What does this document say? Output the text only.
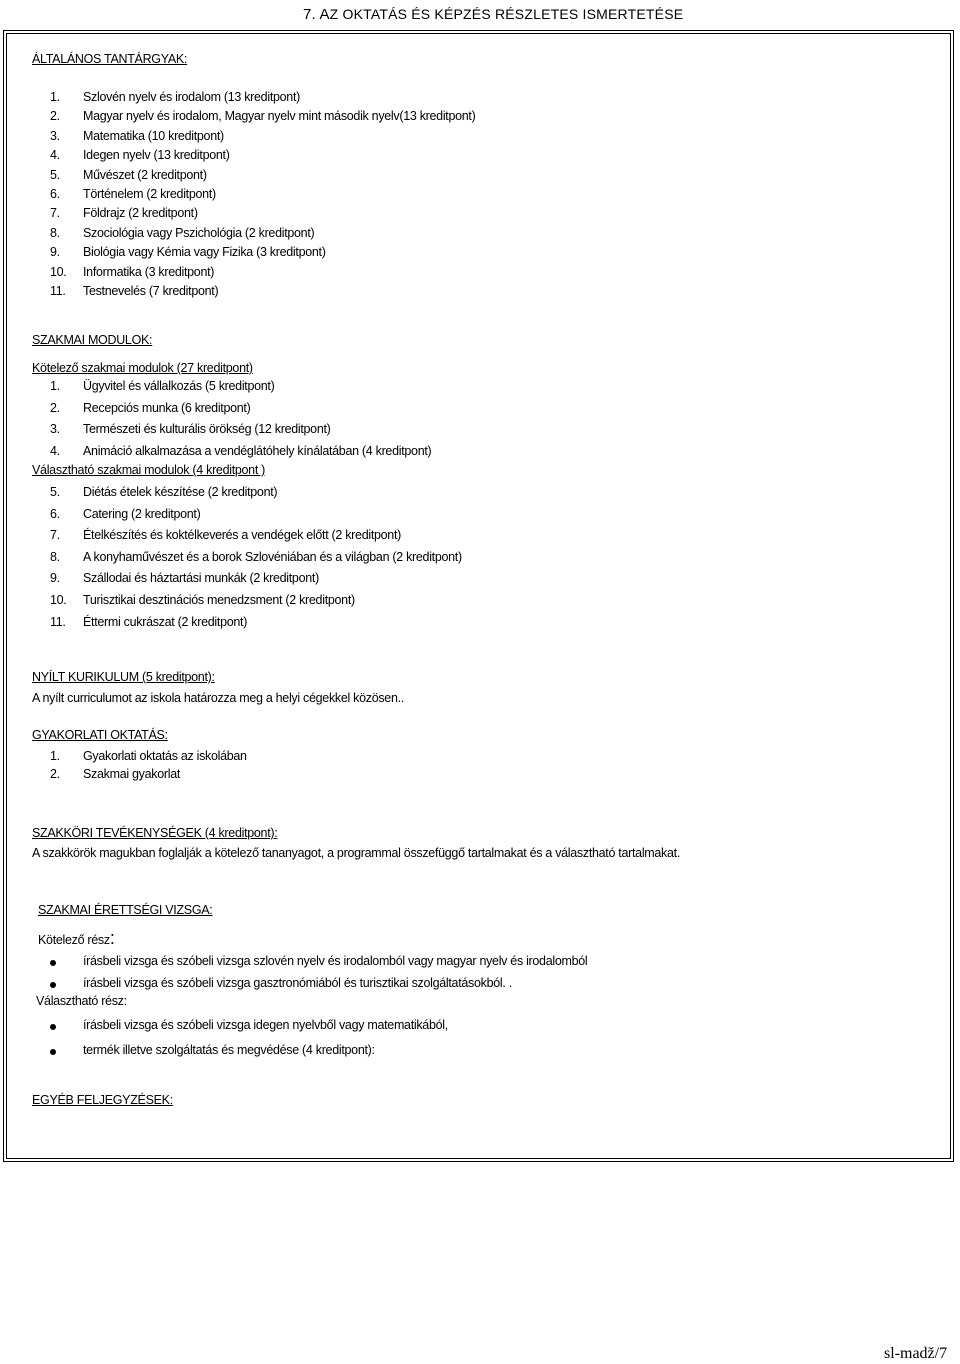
7. AZ OKTATÁS ÉS KÉPZÉS RÉSZLETES ISMERTETÉSE
ÁLTALÁNOS TANTÁRGYAK:
1. Szlovén nyelv és irodalom (13 kreditpont)
2. Magyar nyelv és irodalom, Magyar nyelv mint második nyelv(13 kreditpont)
3. Matematika (10 kreditpont)
4. Idegen nyelv (13 kreditpont)
5. Művészet (2 kreditpont)
6. Történelem (2 kreditpont)
7. Földrajz (2 kreditpont)
8. Szociológia vagy Pszichológia (2 kreditpont)
9. Biológia vagy Kémia vagy Fizika (3 kreditpont)
10. Informatika (3 kreditpont)
11. Testnevelés (7 kreditpont)
SZAKMAI MODULOK:
Kötelező szakmai modulok (27 kreditpont)
1. Ügyvitel és vállalkozás (5 kreditpont)
2. Recepciós munka (6 kreditpont)
3. Természeti és kulturális örökség (12 kreditpont)
4. Animáció alkalmazása a vendéglátóhely kínálatában (4 kreditpont)
Választható szakmai modulok (4 kreditpont )
5. Diétás ételek készítése (2 kreditpont)
6. Catering (2 kreditpont)
7. Ételkészítés és koktélkeverés a vendégek előtt (2 kreditpont)
8. A konyhaművészet és a borok Szlovéniában és a világban (2 kreditpont)
9. Szállodai és háztartási munkák (2 kreditpont)
10. Turisztikai desztinációs menedzsment (2 kreditpont)
11. Éttermi cukrászat (2 kreditpont)
NYÍLT KURIKULUM (5 kreditpont):
A nyílt curriculumot az iskola határozza meg a helyi cégekkel közösen..
GYAKORLATI OKTATÁS:
1. Gyakorlati oktatás az iskolában
2. Szakmai gyakorlat
SZAKKÖRI TEVÉKENYSÉGEK (4 kreditpont):
A szakkörök magukban foglalják a kötelező tananyagot, a programmal összefüggő tartalmakat és a választható tartalmakat.
SZAKMAI ÉRETTSÉGI VIZSGA:
Kötelező rész:
írásbeli vizsga és szóbeli vizsga szlovén nyelv és irodalomból vagy magyar nyelv és irodalomból
írásbeli vizsga és szóbeli vizsga gasztronómiából és turisztikai szolgáltatásokból. .
Választható rész:
írásbeli vizsga és szóbeli vizsga idegen nyelvből vagy matematikából,
termék illetve szolgáltatás és megvédése (4 kreditpont):
EGYÉB FELJEGYZÉSEK:
sl-madž/7
